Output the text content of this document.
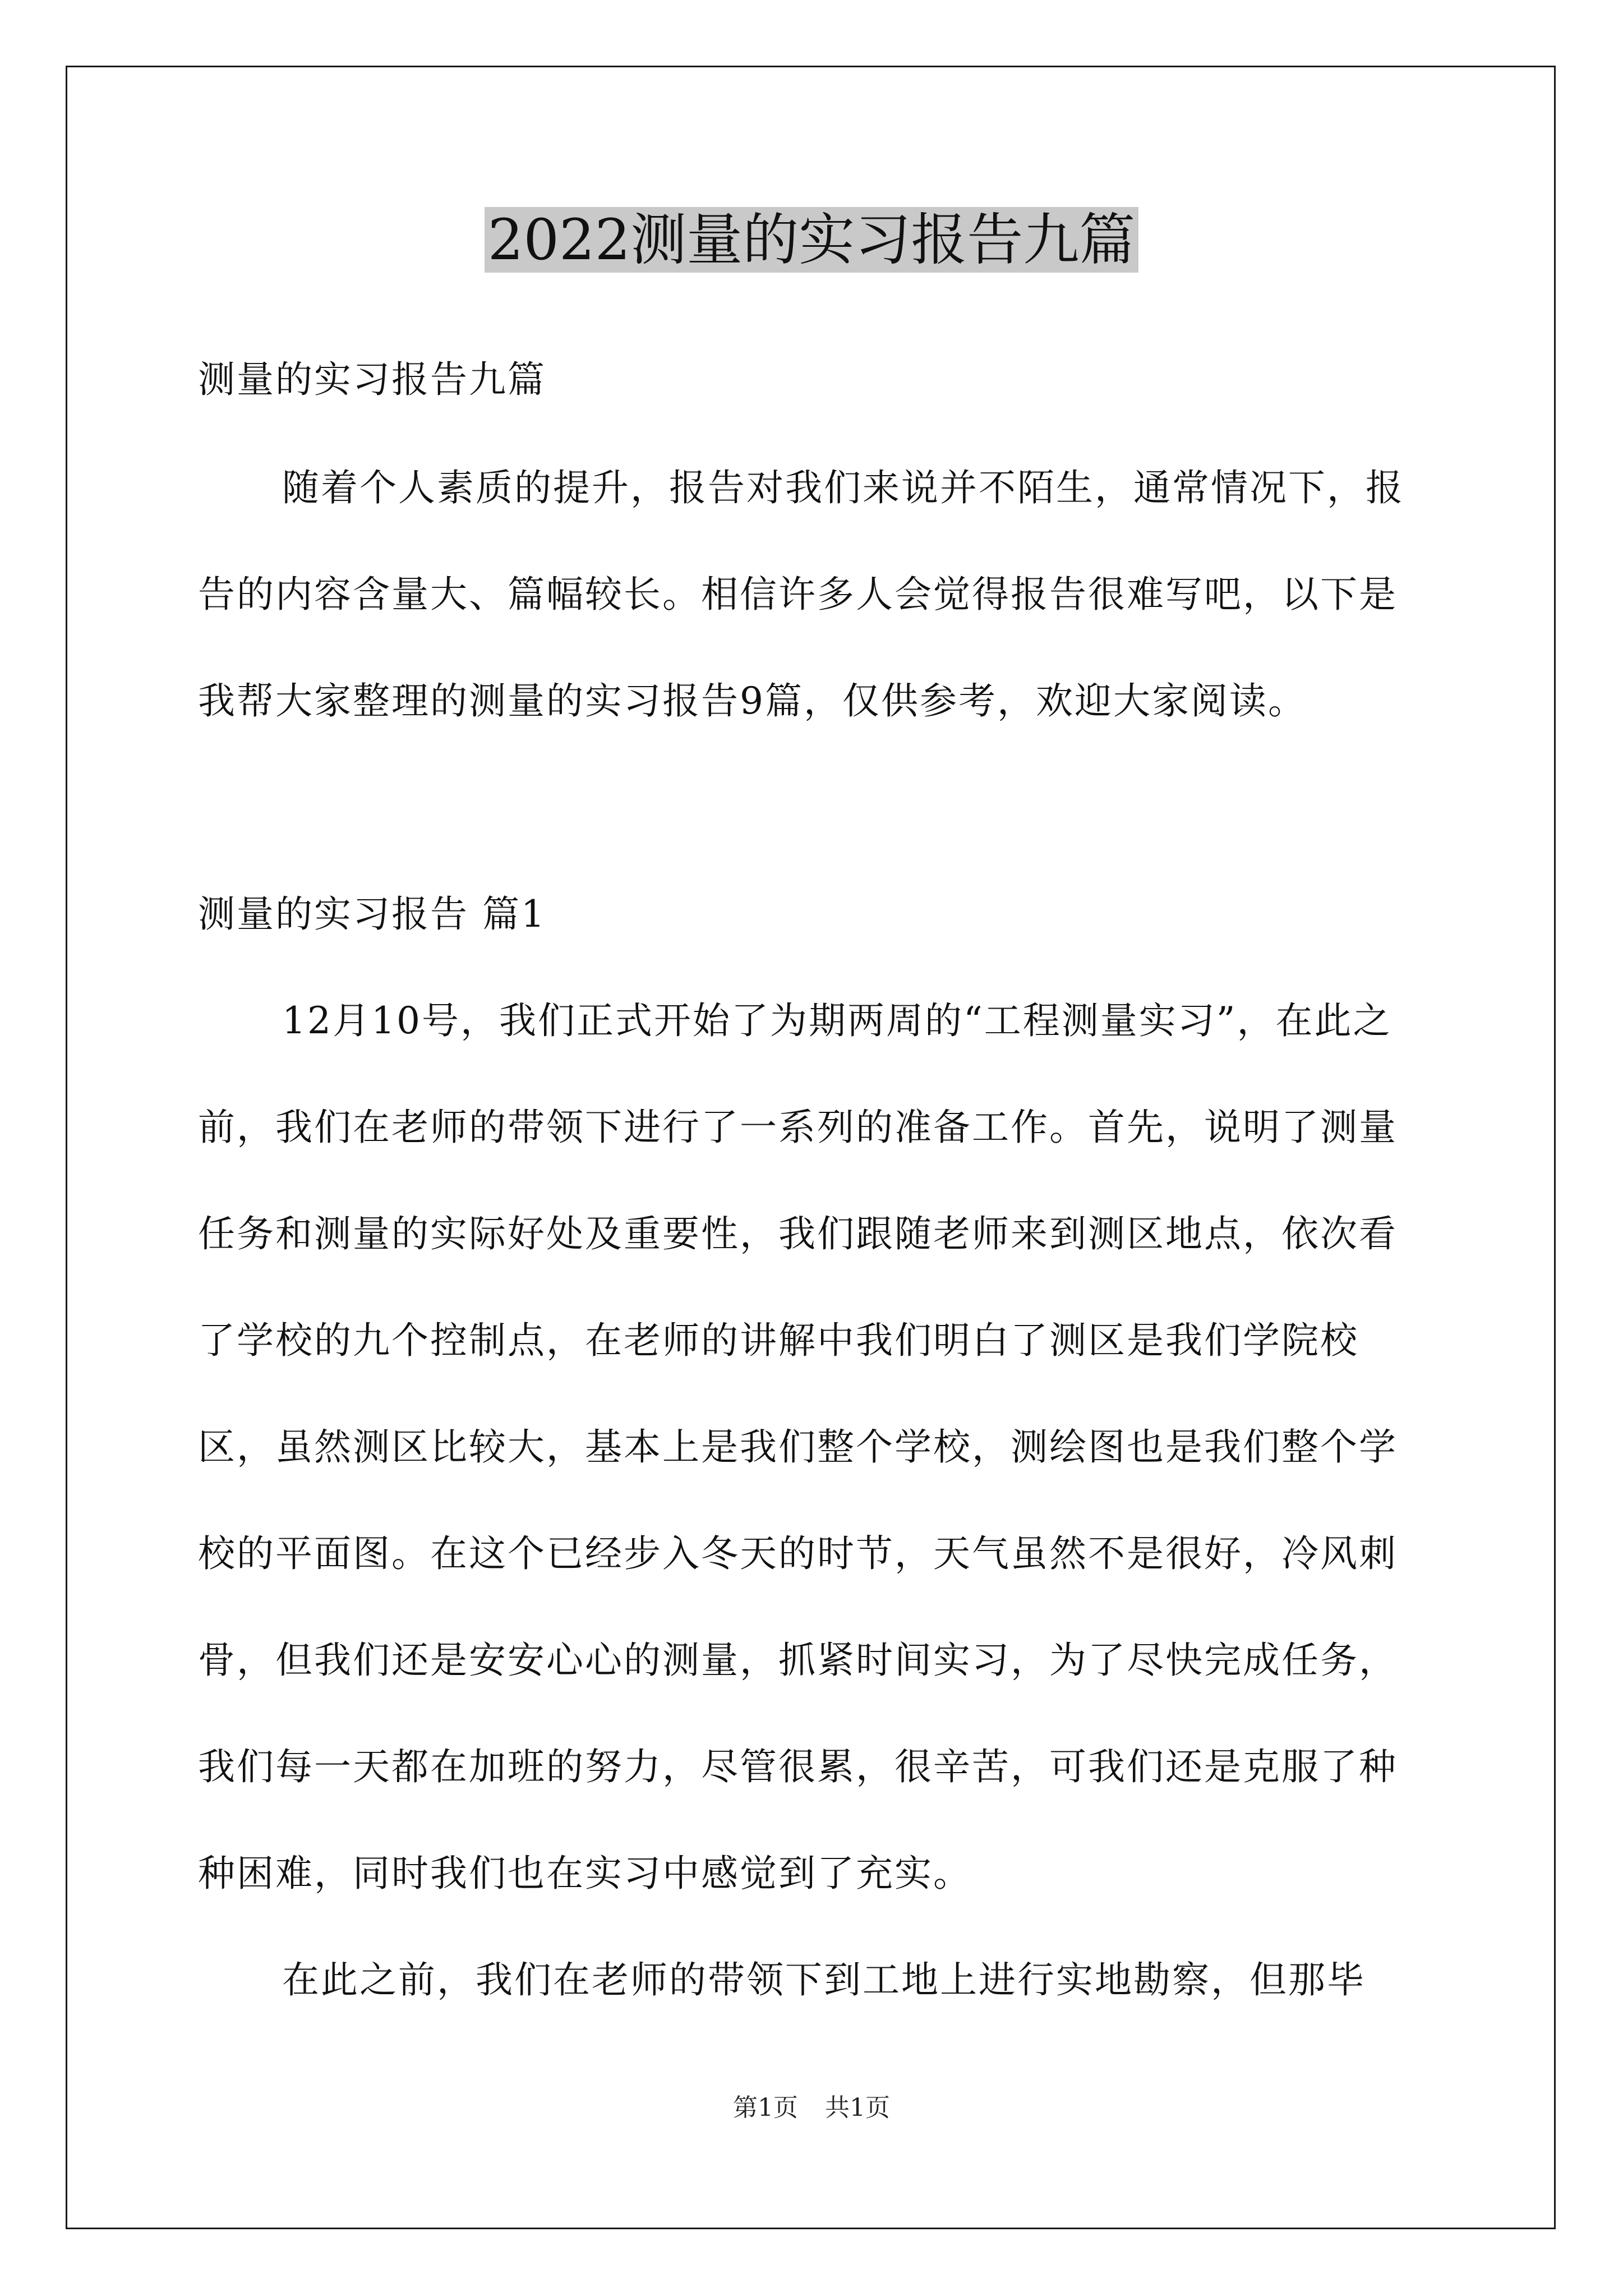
2022测量的实习报告九篇

测量的实习报告九篇

随着个人素质的提升，报告对我们来说并不陌生，通常情况下，报告的内容含量大、篇幅较长。相信许多人会觉得报告很难写吧，以下是我帮大家整理的测量的实习报告9篇，仅供参考，欢迎大家阅读。

测量的实习报告 篇1

12月10号，我们正式开始了为期两周的“工程测量实习”，在此之前，我们在老师的带领下进行了一系列的准备工作。首先，说明了测量任务和测量的实际好处及重要性，我们跟随老师来到测区地点，依次看了学校的九个控制点，在老师的讲解中我们明白了测区是我们学院校区，虽然测区比较大，基本上是我们整个学校，测绘图也是我们整个学校的平面图。在这个已经步入冬天的时节，天气虽然不是很好，冷风刺骨，但我们还是安安心心的测量，抓紧时间实习，为了尽快完成任务，我们每一天都在加班的努力，尽管很累，很辛苦，可我们还是克服了种种困难，同时我们也在实习中感觉到了充实。

在此之前，我们在老师的带领下到工地上进行实地勘察，但那毕

第1页 共1页
